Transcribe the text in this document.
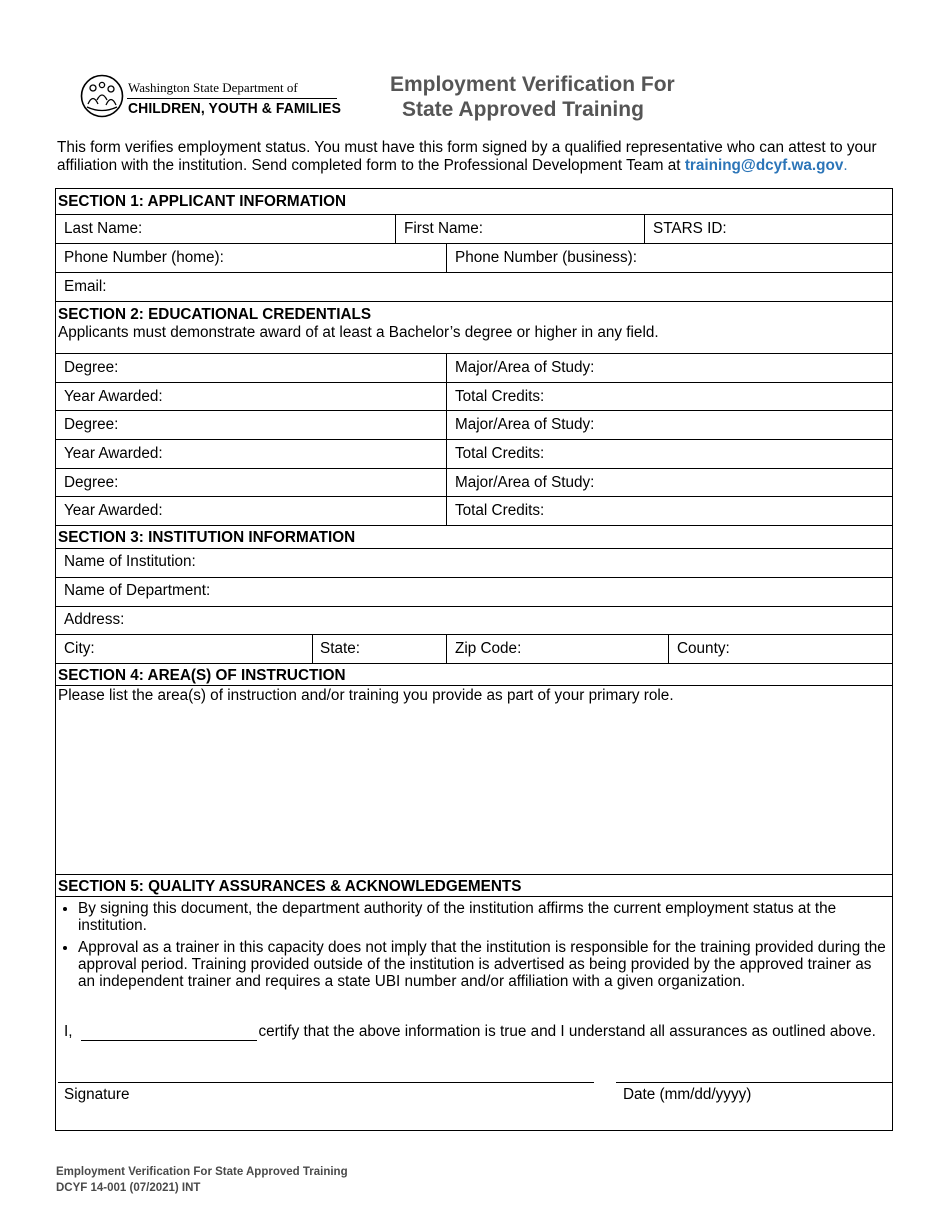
Washington State Department of
CHILDREN, YOUTH & FAMILIES
Employment Verification For
State Approved Training
This form verifies employment status. You must have this form signed by a qualified representative who can attest to your affiliation with the institution. Send completed form to the Professional Development Team at training@dcyf.wa.gov.
SECTION 1: APPLICANT INFORMATION
Last Name:	First Name:	STARS ID:
Phone Number (home):	Phone Number (business):
Email:
SECTION 2: EDUCATIONAL CREDENTIALS
Applicants must demonstrate award of at least a Bachelor’s degree or higher in any field.
Degree:	Major/Area of Study:
Year Awarded:	Total Credits:
Degree:	Major/Area of Study:
Year Awarded:	Total Credits:
Degree:	Major/Area of Study:
Year Awarded:	Total Credits:
SECTION 3: INSTITUTION INFORMATION
Name of Institution:
Name of Department:
Address:
City:	State:	Zip Code:	County:
SECTION 4: AREA(S) OF INSTRUCTION
Please list the area(s) of instruction and/or training you provide as part of your primary role.
SECTION 5: QUALITY ASSURANCES & ACKNOWLEDGEMENTS
• By signing this document, the department authority of the institution affirms the current employment status at the institution.
• Approval as a trainer in this capacity does not imply that the institution is responsible for the training provided during the approval period. Training provided outside of the institution is advertised as being provided by the approved trainer as an independent trainer and requires a state UBI number and/or affiliation with a given organization.
I,	certify that the above information is true and I understand all assurances as outlined above.
Signature	Date (mm/dd/yyyy)
Employment Verification For State Approved Training
DCYF 14-001 (07/2021) INT
